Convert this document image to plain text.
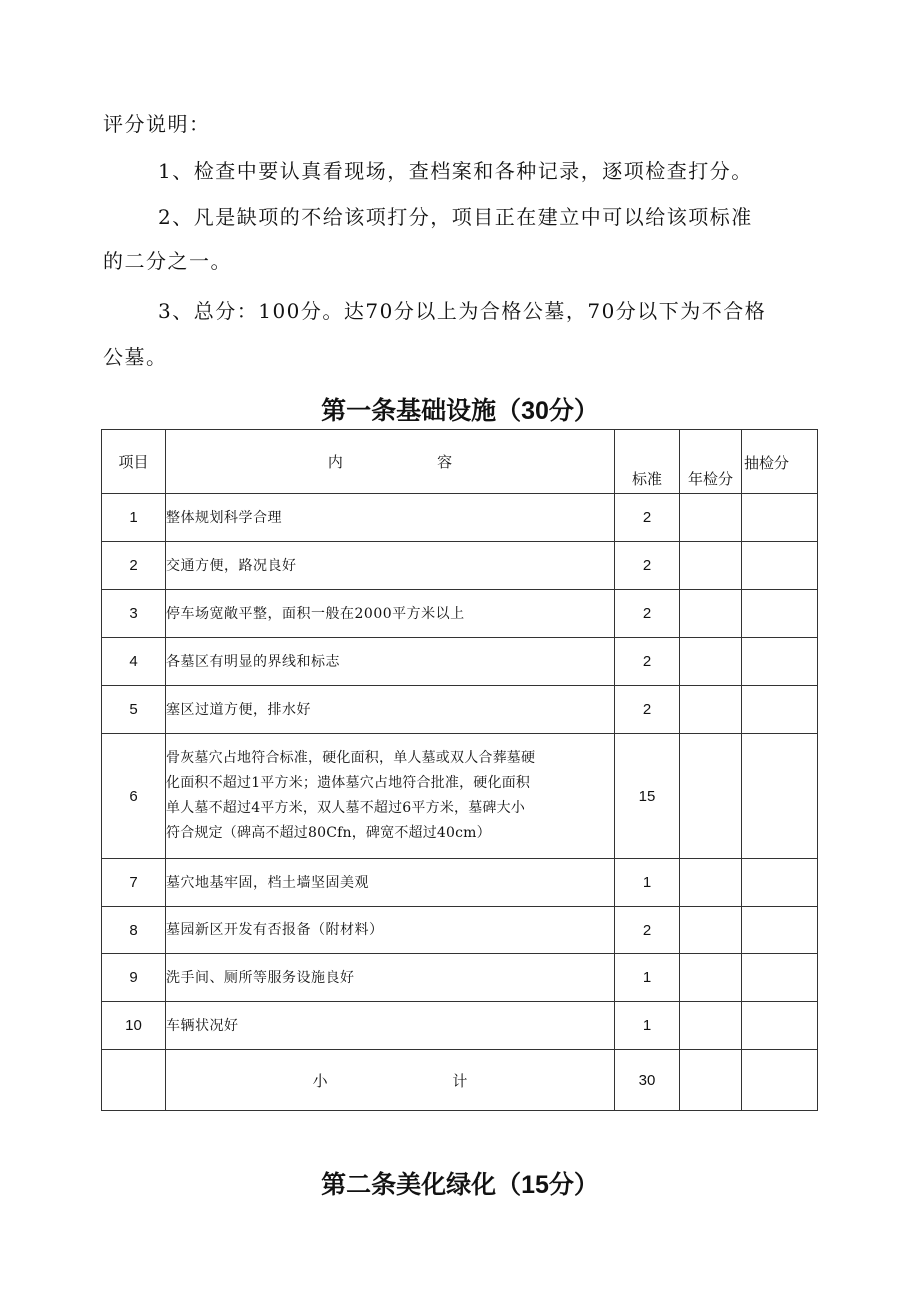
评分说明：

1、检查中要认真看现场，查档案和各种记录，逐项检查打分。

2、凡是缺项的不给该项打分，项目正在建立中可以给该项标准

的二分之一。

3、总分：100分。达70分以上为合格公墓，70分以下为不合格

公墓。

第一条基础设施（30分）
项目	内 容	标准	年检分	抽检分
1	整体规划科学合理	2		
2	交通方便，路况良好	2		
3	停车场宽敞平整，面积一般在2000平方米以上	2		
4	各墓区有明显的界线和标志	2		
5	塞区过道方便，排水好	2		
6	骨灰墓穴占地符合标准，硬化面积，单人墓或双人合葬墓硬
化面积不超过1平方米；遗体墓穴占地符合批准，硬化面积
单人墓不超过4平方米，双人墓不超过6平方米，墓碑大小
符合规定（碑高不超过80Cfn，碑宽不超过40cm）	15		
7	墓穴地基牢固，档土墙坚固美观	1		
8	墓园新区开发有否报备（附材料）	2		
9	洗手间、厕所等服务设施良好	1		
10	车辆状况好	1		
	小 计	30		
第二条美化绿化（15分）
